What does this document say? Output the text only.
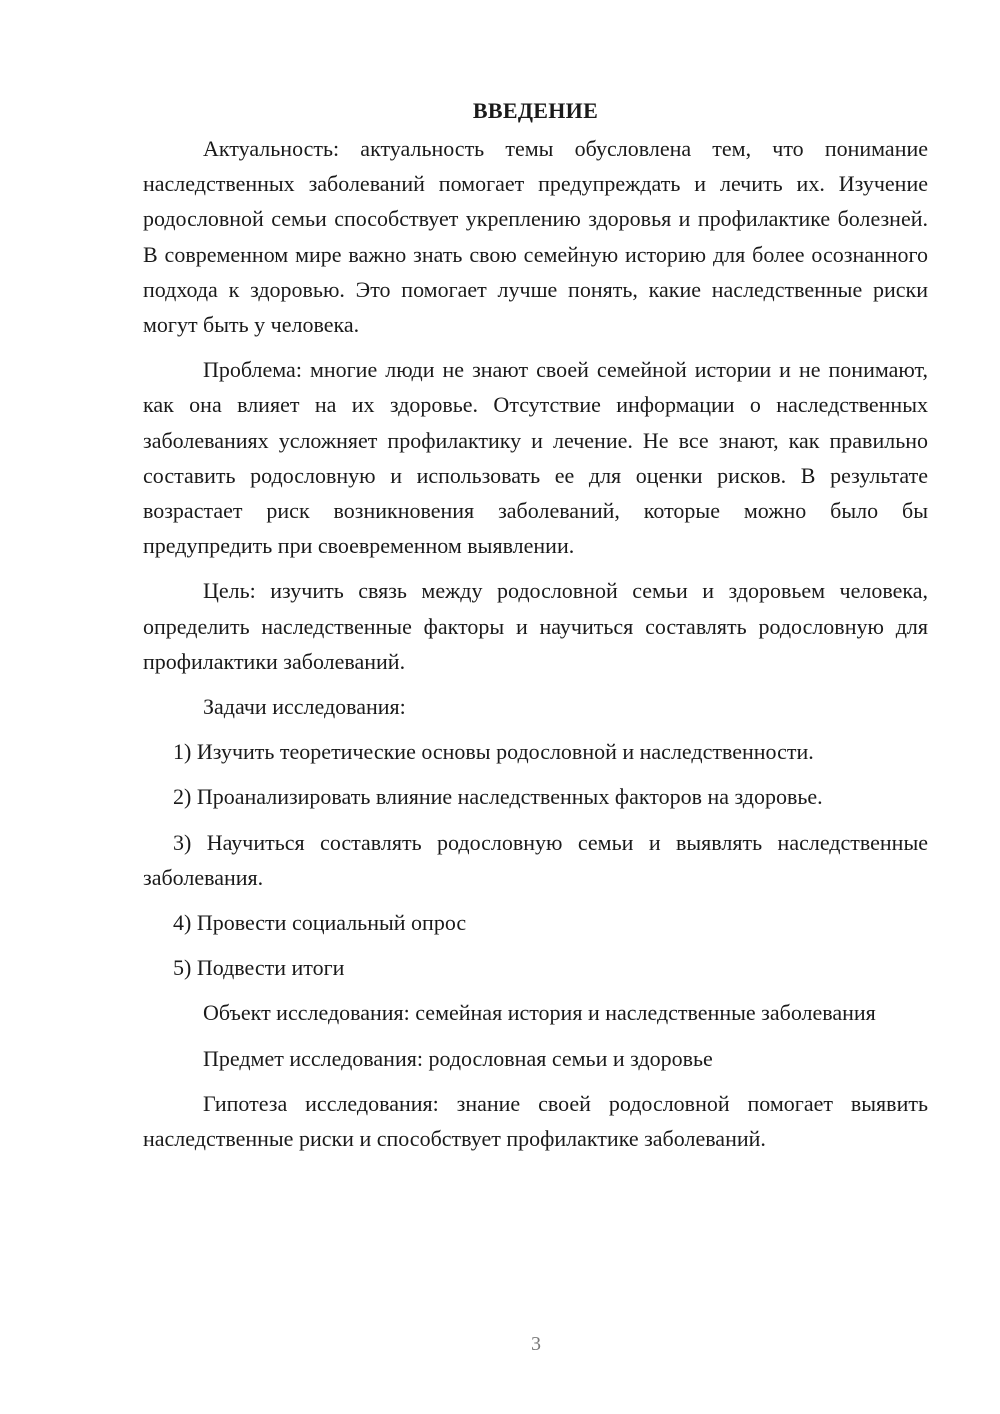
ВВЕДЕНИЕ

Актуальность: актуальность темы обусловлена тем, что понимание наследственных заболеваний помогает предупреждать и лечить их. Изучение родословной семьи способствует укреплению здоровья и профилактике болезней. В современном мире важно знать свою семейную историю для более осознанного подхода к здоровью. Это помогает лучше понять, какие наследственные риски могут быть у человека.

Проблема: многие люди не знают своей семейной истории и не понимают, как она влияет на их здоровье. Отсутствие информации о наследственных заболеваниях усложняет профилактику и лечение. Не все знают, как правильно составить родословную и использовать ее для оценки рисков. В результате возрастает риск возникновения заболеваний, которые можно было бы предупредить при своевременном выявлении.

Цель: изучить связь между родословной семьи и здоровьем человека, определить наследственные факторы и научиться составлять родословную для профилактики заболеваний.

Задачи исследования:

1) Изучить теоретические основы родословной и наследственности.

2) Проанализировать влияние наследственных факторов на здоровье.

3) Научиться составлять родословную семьи и выявлять наследственные заболевания.

4) Провести социальный опрос

5) Подвести итоги

Объект исследования: семейная история и наследственные заболевания

Предмет исследования: родословная семьи и здоровье

Гипотеза исследования: знание своей родословной помогает выявить наследственные риски и способствует профилактике заболеваний.

3
